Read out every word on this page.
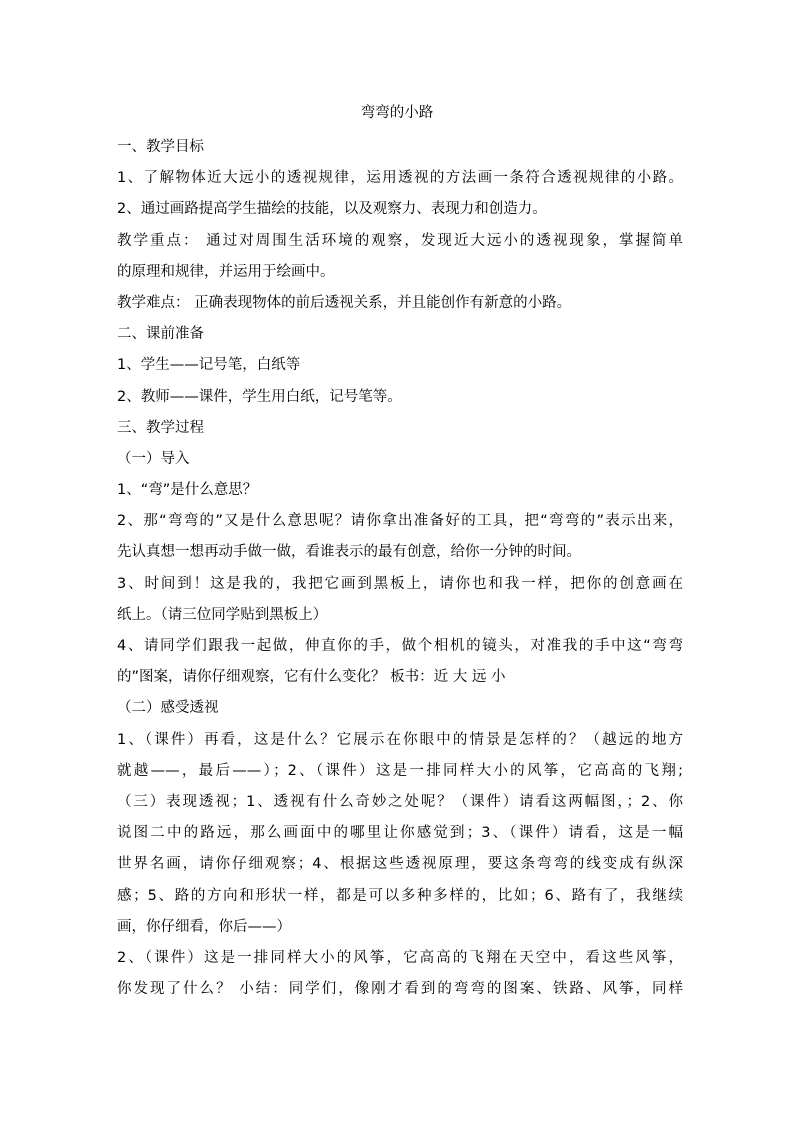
弯弯的小路
一、教学目标
1、了解物体近大远小的透视规律，运用透视的方法画一条符合透视规律的小路。
2、通过画路提高学生描绘的技能，以及观察力、表现力和创造力。
教学重点： 通过对周围生活环境的观察，发现近大远小的透视现象，掌握简单
的原理和规律，并运用于绘画中。
教学难点： 正确表现物体的前后透视关系，并且能创作有新意的小路。
二、课前准备
1、学生——记号笔，白纸等
2、教师——课件，学生用白纸，记号笔等。
三、教学过程
（一）导入
1、“弯”是什么意思？
2、那“弯弯的”又是什么意思呢？请你拿出准备好的工具，把“弯弯的”表示出来，
先认真想一想再动手做一做，看谁表示的最有创意，给你一分钟的时间。
3、时间到！这是我的，我把它画到黑板上，请你也和我一样，把你的创意画在
纸上。（请三位同学贴到黑板上）
4、请同学们跟我一起做，伸直你的手，做个相机的镜头，对准我的手中这“弯弯
的”图案，请你仔细观察，它有什么变化？ 板书：近 大 远 小
（二）感受透视
1、（课件）再看，这是什么？它展示在你眼中的情景是怎样的？（越远的地方
就越——，最后——）；2、（课件）这是一排同样大小的风筝，它高高的飞翔;
（三）表现透视；1、透视有什么奇妙之处呢？（课件）请看这两幅图，；2、你
说图二中的路远，那么画面中的哪里让你感觉到；3、（课件）请看，这是一幅
世界名画，请你仔细观察；4、根据这些透视原理，要这条弯弯的线变成有纵深
感；5、路的方向和形状一样，都是可以多种多样的，比如；6、路有了，我继续
画，你仔细看，你后——）
2、（课件）这是一排同样大小的风筝，它高高的飞翔在天空中，看这些风筝，
你发现了什么？ 小结：同学们，像刚才看到的弯弯的图案、铁路、风筝，同样
